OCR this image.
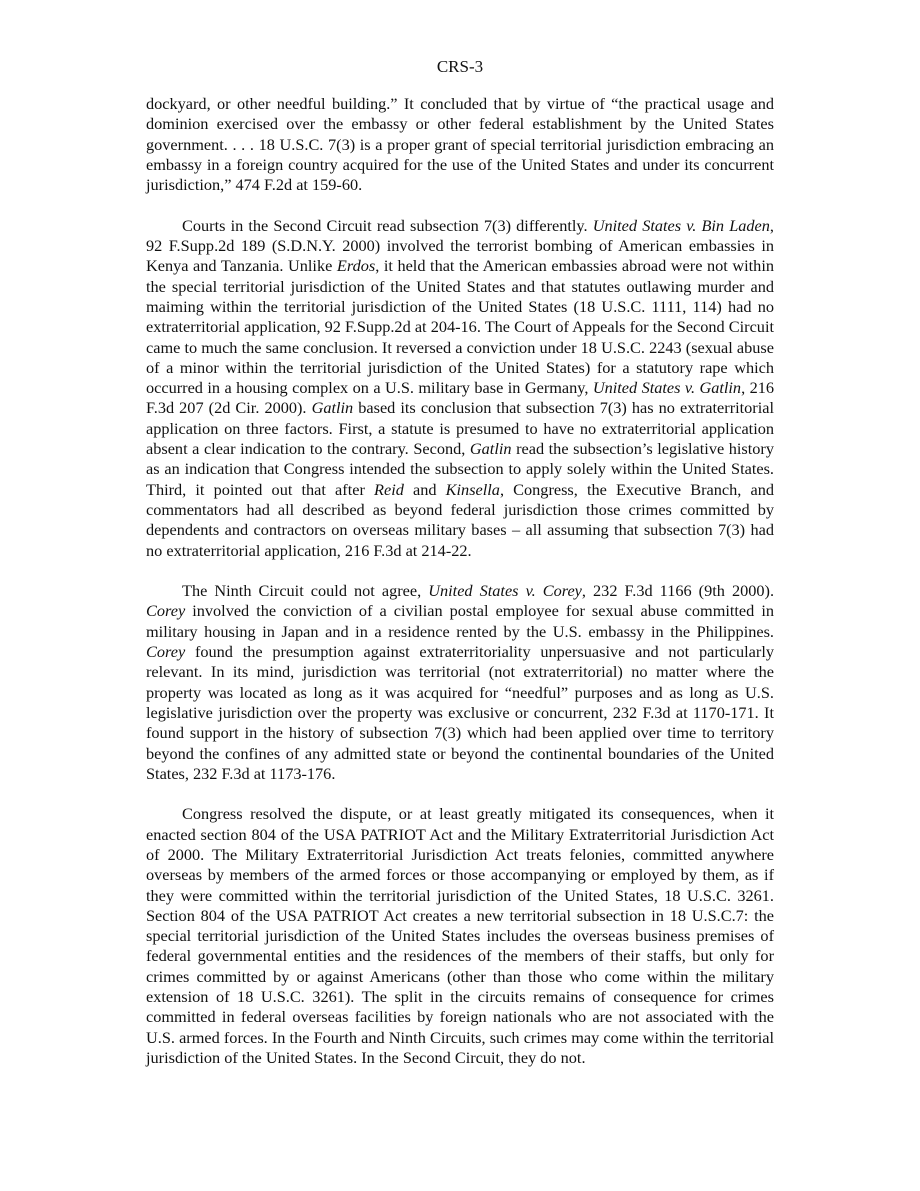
CRS-3

dockyard, or other needful building.” It concluded that by virtue of “the practical usage and dominion exercised over the embassy or other federal establishment by the United States government. . . . 18 U.S.C. 7(3) is a proper grant of special territorial jurisdiction embracing an embassy in a foreign country acquired for the use of the United States and under its concurrent jurisdiction,” 474 F.2d at 159-60.

Courts in the Second Circuit read subsection 7(3) differently. United States v. Bin Laden, 92 F.Supp.2d 189 (S.D.N.Y. 2000) involved the terrorist bombing of American embassies in Kenya and Tanzania. Unlike Erdos, it held that the American embassies abroad were not within the special territorial jurisdiction of the United States and that statutes outlawing murder and maiming within the territorial jurisdiction of the United States (18 U.S.C. 1111, 114) had no extraterritorial application, 92 F.Supp.2d at 204-16. The Court of Appeals for the Second Circuit came to much the same conclusion. It reversed a conviction under 18 U.S.C. 2243 (sexual abuse of a minor within the territorial jurisdiction of the United States) for a statutory rape which occurred in a housing complex on a U.S. military base in Germany, United States v. Gatlin, 216 F.3d 207 (2d Cir. 2000). Gatlin based its conclusion that subsection 7(3) has no extraterritorial application on three factors. First, a statute is presumed to have no extraterritorial application absent a clear indication to the contrary. Second, Gatlin read the subsection’s legislative history as an indication that Congress intended the subsection to apply solely within the United States. Third, it pointed out that after Reid and Kinsella, Congress, the Executive Branch, and commentators had all described as beyond federal jurisdiction those crimes committed by dependents and contractors on overseas military bases – all assuming that subsection 7(3) had no extraterritorial application, 216 F.3d at 214-22.

The Ninth Circuit could not agree, United States v. Corey, 232 F.3d 1166 (9th 2000). Corey involved the conviction of a civilian postal employee for sexual abuse committed in military housing in Japan and in a residence rented by the U.S. embassy in the Philippines. Corey found the presumption against extraterritoriality unpersuasive and not particularly relevant. In its mind, jurisdiction was territorial (not extraterritorial) no matter where the property was located as long as it was acquired for “needful” purposes and as long as U.S. legislative jurisdiction over the property was exclusive or concurrent, 232 F.3d at 1170-171. It found support in the history of subsection 7(3) which had been applied over time to territory beyond the confines of any admitted state or beyond the continental boundaries of the United States, 232 F.3d at 1173-176.

Congress resolved the dispute, or at least greatly mitigated its consequences, when it enacted section 804 of the USA PATRIOT Act and the Military Extraterritorial Jurisdiction Act of 2000. The Military Extraterritorial Jurisdiction Act treats felonies, committed anywhere overseas by members of the armed forces or those accompanying or employed by them, as if they were committed within the territorial jurisdiction of the United States, 18 U.S.C. 3261. Section 804 of the USA PATRIOT Act creates a new territorial subsection in 18 U.S.C.7: the special territorial jurisdiction of the United States includes the overseas business premises of federal governmental entities and the residences of the members of their staffs, but only for crimes committed by or against Americans (other than those who come within the military extension of 18 U.S.C. 3261). The split in the circuits remains of consequence for crimes committed in federal overseas facilities by foreign nationals who are not associated with the U.S. armed forces. In the Fourth and Ninth Circuits, such crimes may come within the territorial jurisdiction of the United States. In the Second Circuit, they do not.
